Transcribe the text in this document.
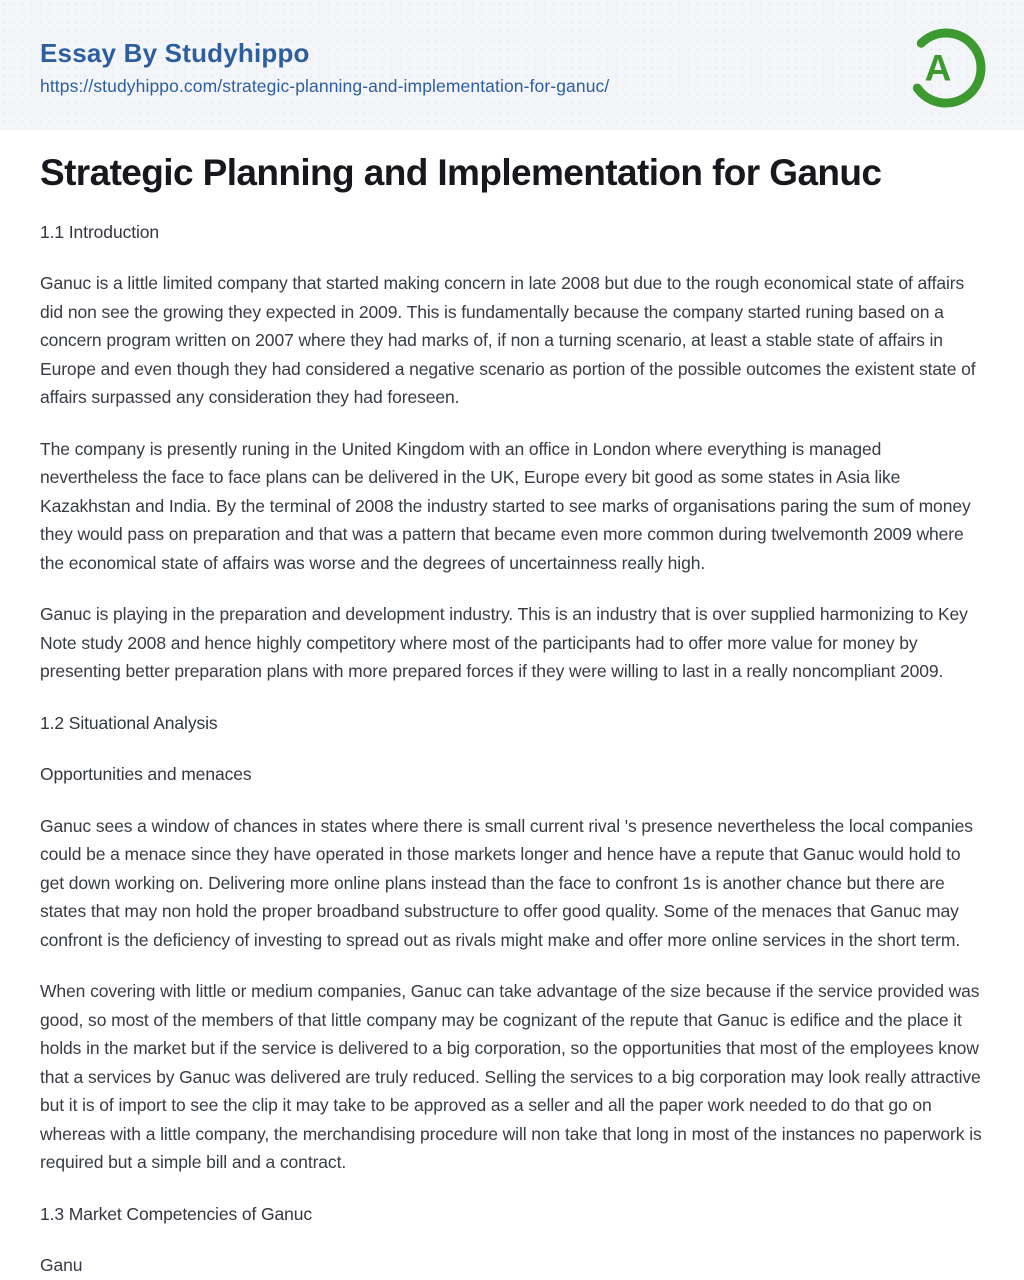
Essay By Studyhippo
https://studyhippo.com/strategic-planning-and-implementation-for-ganuc/	A
Strategic Planning and Implementation for Ganuc

1.1 Introduction

Ganuc is a little limited company that started making concern in late 2008 but due to the rough economical state of affairs did non see the growing they expected in 2009. This is fundamentally because the company started runing based on a concern program written on 2007 where they had marks of, if non a turning scenario, at least a stable state of affairs in Europe and even though they had considered a negative scenario as portion of the possible outcomes the existent state of affairs surpassed any consideration they had foreseen.

The company is presently runing in the United Kingdom with an office in London where everything is managed nevertheless the face to face plans can be delivered in the UK, Europe every bit good as some states in Asia like Kazakhstan and India. By the terminal of 2008 the industry started to see marks of organisations paring the sum of money they would pass on preparation and that was a pattern that became even more common during twelvemonth 2009 where the economical state of affairs was worse and the degrees of uncertainness really high.

Ganuc is playing in the preparation and development industry. This is an industry that is over supplied harmonizing to Key Note study 2008 and hence highly competitory where most of the participants had to offer more value for money by presenting better preparation plans with more prepared forces if they were willing to last in a really noncompliant 2009.

1.2 Situational Analysis

Opportunities and menaces

Ganuc sees a window of chances in states where there is small current rival 's presence nevertheless the local companies could be a menace since they have operated in those markets longer and hence have a repute that Ganuc would hold to get down working on. Delivering more online plans instead than the face to confront 1s is another chance but there are states that may non hold the proper broadband substructure to offer good quality. Some of the menaces that Ganuc may confront is the deficiency of investing to spread out as rivals might make and offer more online services in the short term.

When covering with little or medium companies, Ganuc can take advantage of the size because if the service provided was good, so most of the members of that little company may be cognizant of the repute that Ganuc is edifice and the place it holds in the market but if the service is delivered to a big corporation, so the opportunities that most of the employees know that a services by Ganuc was delivered are truly reduced. Selling the services to a big corporation may look really attractive but it is of import to see the clip it may take to be approved as a seller and all the paper work needed to do that go on whereas with a little company, the merchandising procedure will non take that long in most of the instances no paperwork is required but a simple bill and a contract.

1.3 Market Competencies of Ganuc

Ganu
